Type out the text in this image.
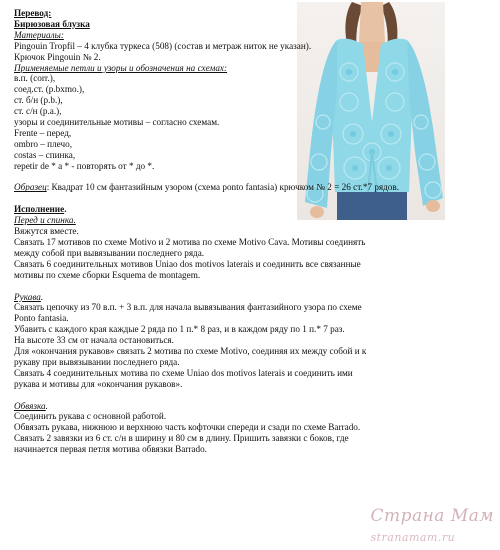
Перевод:
Бирюзовая блузка
Материалы:
Pingouin Tropfil – 4 клубка туркеса (508) (состав и метраж ниток не указан).
Крючок Pingouin № 2.
Применяемые петли и узоры и обозначения на схемах:
в.п. (corr.),
соед.ст. (p.bxmo.),
ст. б/н (p.b.),
ст. с/н (p.a.),
узоры и соединительные мотивы – согласно схемам.
Frente – перед,
ombro – плечо,
costas – спинка,
repetir de * a * - повторять от * до *.
Образец: Квадрат 10 см фантазийным узором (схема ponto fantasia) крючком № 2 = 26 ст.*7 рядов.
Исполнение.
Перед и спинка.
Вяжутся вместе.
Связать 17 мотивов по схеме Motivo и 2 мотива по схеме Motivo Cava. Мотивы соединять
между собой при вывязывании последнего ряда.
Связать 6 соединительных мотивов Uniao dos motivos laterais и соединить все связанные
мотивы по схеме сборки Esquema de montagem.
Рукава.
Связать цепочку из 70 в.п. + 3 в.п. для начала вывязывания фантазийного узора по схеме
Ponto fantasia.
Убавить с каждого края каждые 2 ряда по 1 п.* 8 раз, и в каждом ряду по 1 п.* 7 раз.
На высоте 33 см от начала остановиться.
Для «окончания рукавов» связать 2 мотива по схеме Motivo, соединяя их между собой и к
рукаву при вывязывании последнего ряда.
Связать 4 соединительных мотива по схеме Uniao dos motivos laterais и соединить ими
рукава и мотивы для «окончания рукавов».
Обвязка.
Соединить рукава с основной работой.
Обвязать рукава, нижнюю и верхнюю часть кофточки спереди и сзади по схеме Barrado.
Связать 2 завязки из 6 ст. с/н в ширину и 80 см в длину. Пришить завязки с боков, где
начинается первая петля мотива обвязки Barrado.
Страна Мам
stranamam.ru
